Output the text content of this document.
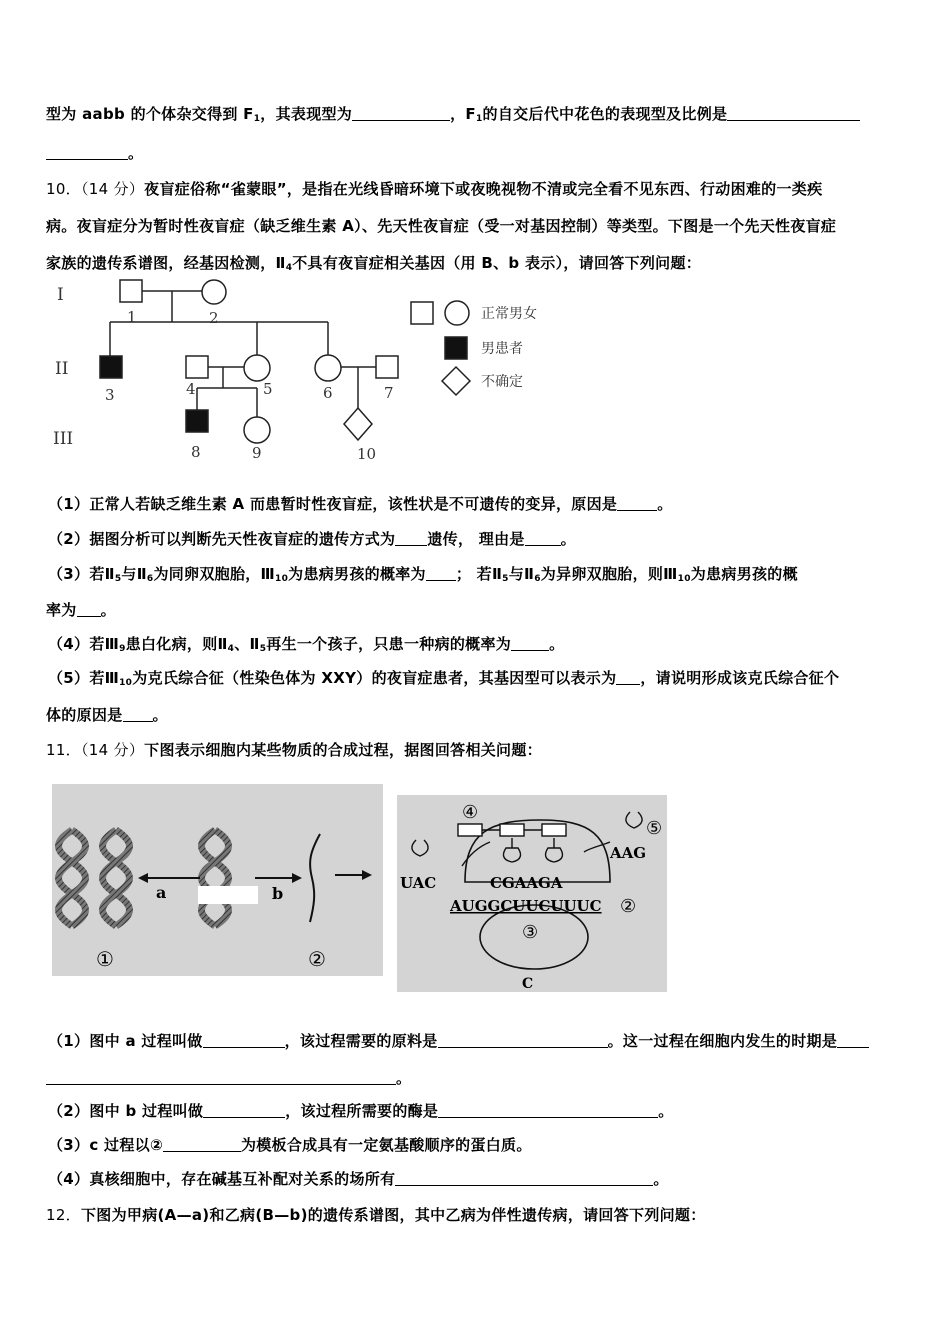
型为 aabb 的个体杂交得到 $F_1$，其表现型为	，$F_1$的自交后代中花色的表现型及比例是
。
10．（14 分）夜盲症俗称“雀蒙眼”，是指在光线昏暗环境下或夜晚视物不清或完全看不见东西、行动困难的一类疾
病。夜盲症分为暂时性夜盲症（缺乏维生素 A）、先天性夜盲症（受一对基因控制）等类型。下图是一个先天性夜盲症
家族的遗传系谱图，经基因检测，$Ⅱ_4$不具有夜盲症相关基因（用 B、b 表示），请回答下列问题：
I
II
III
1	2
3	4	5	6	7
8	9	10
正常男女
男患者
不确定
（1）正常人若缺乏维生素 A 而患暂时性夜盲症，该性状是不可遗传的变异，原因是	。
（2）据图分析可以判断先天性夜盲症的遗传方式为 遗传， 理由是 。
（3）若$Ⅱ_5$与$Ⅱ_6$为同卵双胞胎，$Ⅲ_{10}$为患病男孩的概率为 ； 若$Ⅱ_5$与$Ⅱ_6$为异卵双胞胎，则$Ⅲ_{10}$为患病男孩的概
率为 。
（4）若$Ⅲ_9$患白化病，则$Ⅱ_4$、$Ⅱ_5$再生一个孩子，只患一种病的概率为	。
（5）若$Ⅲ_{10}$为克氏综合征（性染色体为 XXY）的夜盲症患者，其基因型可以表示为 ，请说明形成该克氏综合征个
体的原因是 。
11．（14 分）下图表示细胞内某些物质的合成过程，据图回答相关问题：
a	b
①	②
④
⑤
UAC
AAG
CGAAGA
AUGGCUUCUUUC ②
③
C
（1）图中 a 过程叫做	，该过程需要的原料是	。这一过程在细胞内发生的时期是
。
（2）图中 b 过程叫做	，该过程所需要的酶是	。
（3）c 过程以②	为模板合成具有一定氨基酸顺序的蛋白质。
（4）真核细胞中，存在碱基互补配对关系的场所有	。
12．下图为甲病(A—a)和乙病(B—b)的遗传系谱图，其中乙病为伴性遗传病，请回答下列问题：
